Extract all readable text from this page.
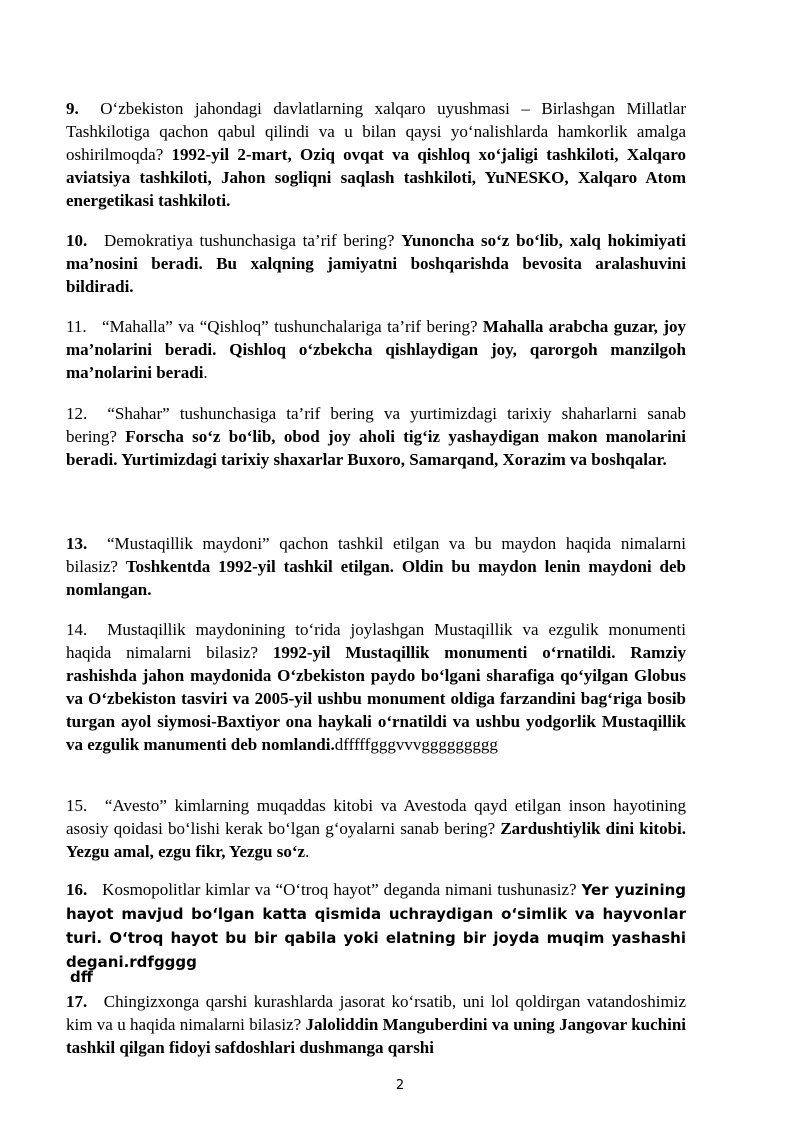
9. O‘zbekiston jahondagi davlatlarning xalqaro uyushmasi – Birlashgan Millatlar Tashkilotiga qachon qabul qilindi va u bilan qaysi yo‘nalishlarda hamkorlik amalga oshirilmoqda? 1992-yil 2-mart, Oziq ovqat va qishloq xo‘jaligi tashkiloti, Xalqaro aviatsiya tashkiloti, Jahon sogliqni saqlash tashkiloti, YuNESKO, Xalqaro Atom energetikasi tashkiloti.
10. Demokratiya tushunchasiga ta’rif bering? Yunoncha so‘z bo‘lib, xalq hokimiyati ma’nosini beradi. Bu xalqning jamiyatni boshqarishda bevosita aralashuvini bildiradi.
11. “Mahalla” va “Qishloq” tushunchalariga ta’rif bering? Mahalla arabcha guzar, joy ma’nolarini beradi. Qishloq o‘zbekcha qishlaydigan joy, qarorgoh manzilgoh ma’nolarini beradi.
12. “Shahar” tushunchasiga ta’rif bering va yurtimizdagi tarixiy shaharlarni sanab bering? Forscha so‘z bo‘lib, obod joy aholi tig‘iz yashaydigan makon manolarini beradi. Yurtimizdagi tarixiy shaxarlar Buxoro, Samarqand, Xorazim va boshqalar.
13. “Mustaqillik maydoni” qachon tashkil etilgan va bu maydon haqida nimalarni bilasiz? Toshkentda 1992-yil tashkil etilgan. Oldin bu maydon lenin maydoni deb nomlangan.
14. Mustaqillik maydonining to‘rida joylashgan Mustaqillik va ezgulik monumenti haqida nimalarni bilasiz? 1992-yil Mustaqillik monumenti o‘rnatildi. Ramziy rashishda jahon maydonida O‘zbekiston paydo bo‘lgani sharafiga qo‘yilgan Globus va O‘zbekiston tasviri va 2005-yil ushbu monument oldiga farzandini bag‘riga bosib turgan ayol siymosi-Baxtiyor ona haykali o‘rnatildi va ushbu yodgorlik Mustaqillik va ezgulik manumenti deb nomlandi.dfffffgggvvvggggggggg
15. “Avesto” kimlarning muqaddas kitobi va Avestoda qayd etilgan inson hayotining asosiy qoidasi bo‘lishi kerak bo‘lgan g‘oyalarni sanab bering? Zardushtiylik dini kitobi. Yezgu amal, ezgu fikr, Yezgu so‘z.
16. Kosmopolitlar kimlar va “O‘troq hayot” deganda nimani tushunasiz? Yer yuzining hayot mavjud bo‘lgan katta qismida uchraydigan o‘simlik va hayvonlar turi. O‘troq hayot bu bir qabila yoki elatning bir joyda muqim yashashi degani.rdfgggg
dff
17. Chingizxonga qarshi kurashlarda jasorat ko‘rsatib, uni lol qoldirgan vatandoshimiz kim va u haqida nimalarni bilasiz? Jaloliddin Manguberdini va uning Jangovar kuchini tashkil qilgan fidoyi safdoshlari dushmanga qarshi
2
